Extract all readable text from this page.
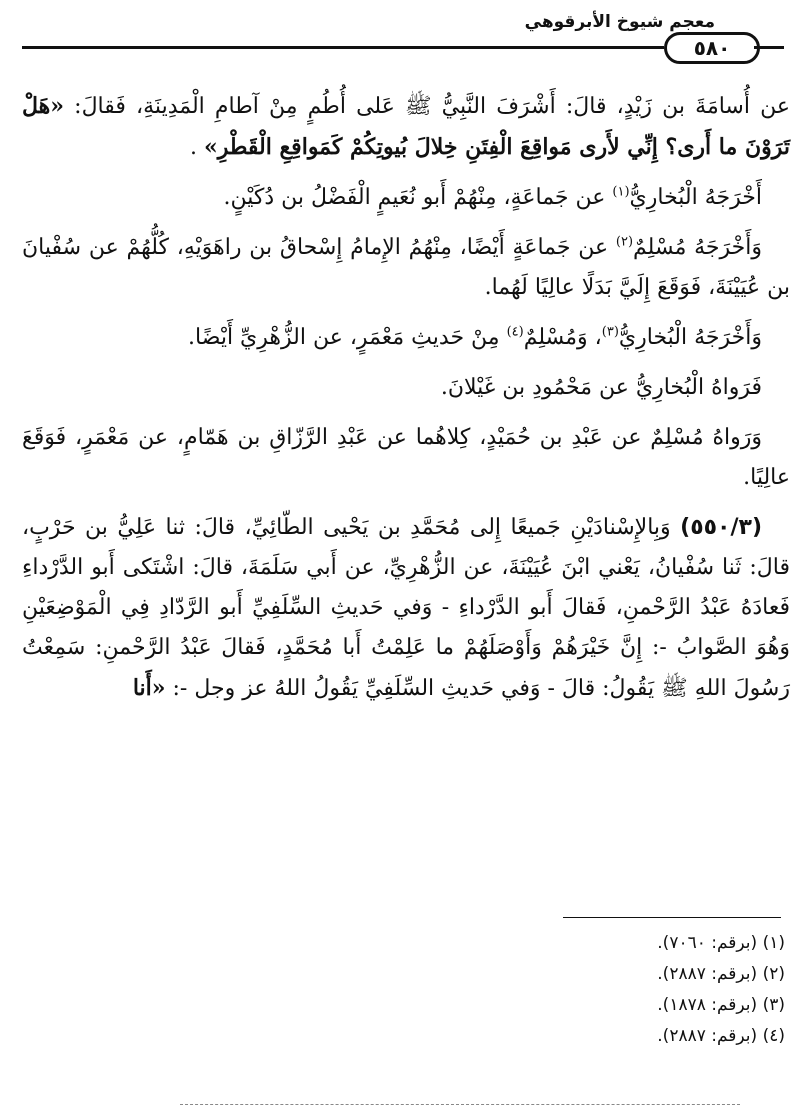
معجم شيوخ الأبرقوهي
٥٨٠

عن أُسامَةَ بن زَيْدٍ، قالَ: أَشْرَفَ النَّبِيُّ ﷺ عَلى أُطُمٍ مِنْ آطامِ الْمَدِينَةِ، فَقالَ: «هَلْ تَرَوْنَ ما أَرى؟ إِنِّي لأَرى مَواقِعَ الْفِتَنِ خِلالَ بُيوتِكُمْ كَمَواقِعِ الْقَطْرِ» .

أَخْرَجَهُ الْبُخارِيُّ$^{(١)}$ عن جَماعَةٍ، مِنْهُمْ أَبو نُعَيمٍ الْفَضْلُ بن دُكَيْنٍ.

وَأَخْرَجَهُ مُسْلِمٌ$^{(٢)}$ عن جَماعَةٍ أَيْضًا، مِنْهُمُ الإِمامُ إِسْحاقُ بن راهَوَيْهِ، كُلُّهُمْ عن سُفْيانَ بن عُيَيْنَةَ، فَوَقَعَ إِلَيَّ بَدَلًا عالِيًا لَهُما.

وَأَخْرَجَهُ الْبُخارِيُّ$^{(٣)}$، وَمُسْلِمٌ$^{(٤)}$ مِنْ حَديثِ مَعْمَرٍ، عن الزُّهْرِيِّ أَيْضًا.

فَرَواهُ الْبُخارِيُّ عن مَحْمُودِ بن غَيْلانَ.

وَرَواهُ مُسْلِمٌ عن عَبْدِ بن حُمَيْدٍ، كِلاهُما عن عَبْدِ الرَّزّاقِ بن هَمّامٍ، عن مَعْمَرٍ، فَوَقَعَ عالِيًا.

(٥٥٠/٣) وَبِالإِسْنادَيْنِ جَميعًا إِلى مُحَمَّدِ بن يَحْيى الطّائِيِّ، قالَ: ثنا عَلِيُّ بن حَرْبٍ، قالَ: ثَنا سُفْيانُ، يَعْني ابْنَ عُيَيْنَةَ، عن الزُّهْرِيِّ، عن أَبي سَلَمَةَ، قالَ: اشْتَكى أَبو الدَّرْداءِ فَعادَهُ عَبْدُ الرَّحْمنِ، فَقالَ أَبو الدَّرْداءِ - وَفي حَديثِ السِّلَفِيِّ أَبو الرَّدّادِ فِي الْمَوْضِعَيْنِ وَهُوَ الصَّوابُ -: إِنَّ خَيْرَهُمْ وَأَوْصَلَهُمْ ما عَلِمْتُ أَبا مُحَمَّدٍ، فَقالَ عَبْدُ الرَّحْمنِ: سَمِعْتُ رَسُولَ اللهِ ﷺ يَقُولُ: قالَ - وَفي حَديثِ السِّلَفِيِّ يَقُولُ اللهُ عز وجل -: «أَنا

(١) (برقم: ٧٠٦٠).
(٢) (برقم: ٢٨٨٧).
(٣) (برقم: ١٨٧٨).
(٤) (برقم: ٢٨٨٧).
